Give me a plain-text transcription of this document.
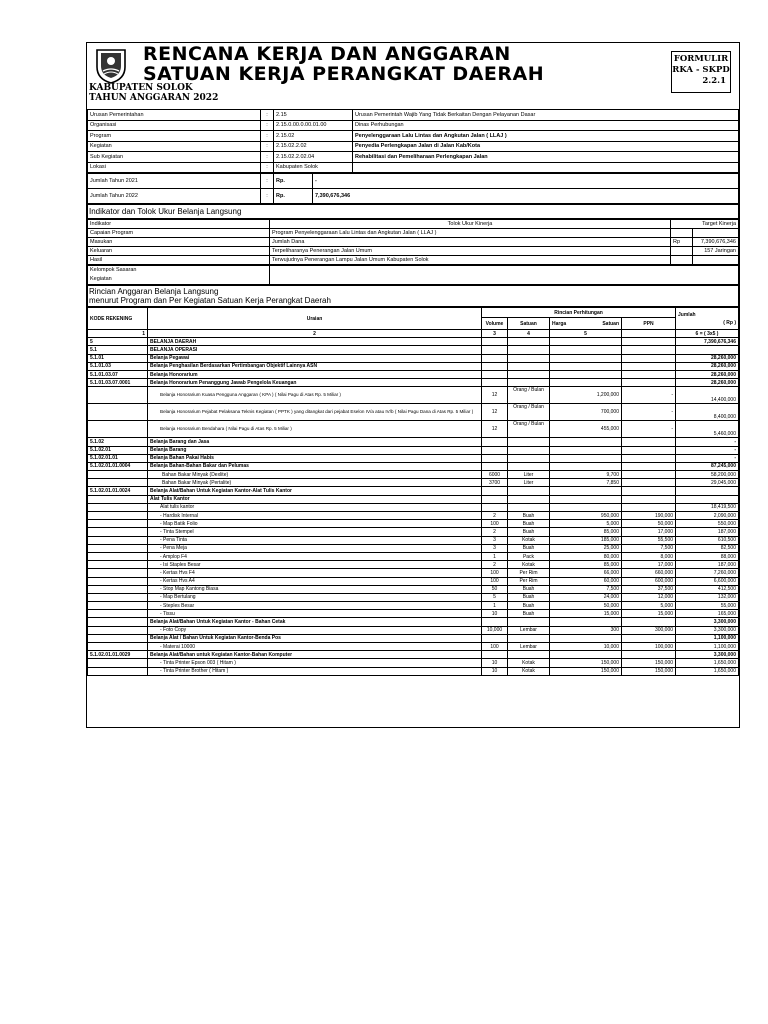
RENCANA KERJA DAN ANGGARAN
SATUAN KERJA PERANGKAT DAERAH
FORMULIR
RKA - SKPD
2.2.1
KABUPATEN SOLOK
TAHUN ANGGARAN 2022
Urusan Pemerintahan	:	2.15	Urusan Pemerintah Wajib Yang Tidak Berkaitan Dengan Pelayanan Dasar
Organisasi	:	2.15.0.00.0.00.01.00	Dinas Perhubungan
Program	:	2.15.02	Penyelenggaraan Lalu Lintas dan Angkutan Jalan ( LLAJ )
Kegiatan	:	2.15.02.2.02	Penyedia Perlengkapan Jalan di Jalan Kab/Kota
Sub Kegiatan	:	2.15.02.2.02.04	Rehabilitasi dan Pemeliharaan Perlengkapan Jalan
Lokasi	:	Kabupaten Solok	
Jumlah Tahun 2021	:	Rp.	-
Jumlah Tahun 2022	:	Rp.	7,390,676,346
Indikator dan Tolok Ukur Belanja Langsung
Indikator	Tolok Ukur Kinerja	Target Kinerja	
Capaian Program	Program Penyelenggaraan Lalu Lintas dan Angkutan Jalan ( LLAJ )		
Masukan	Jumlah Dana	Rp	7,390,676,346
Keluaran	Terpeliharanya Penerangan Jalan Umum		157 Jaringan
Hasil	Terwujudnya Penerangan Lampu Jalan Umum Kabupaten Solok		
Kelompok Sasaran
Kegiatan

Rincian Anggaran Belanja Langsung
menurut Program dan Per Kegiatan Satuan Kerja Perangkat Daerah
KODE REKENING	Uraian	Rincian Perhitungan				Jumlah
( Rp )

		Volume	Satuan	Harga Satuan	PPN	
1	2	3	4	5		6 = ( 3x5 )
5	BELANJA DAERAH					7,390,676,346
5.1	BELANJA OPERASI					
5.1.01	Belanja Pegawai					28,260,000
5.1.01.03	Belanja Penghasilan Berdasarkan Pertimbangan Objektif Lainnya ASN					28,260,000
5.1.01.03.07	Belanja Honorarium					28,260,000
5.1.01.03.07.0001	Belanja Honorarium Penanggung Jawab Pengelola Keuangan					28,260,000
	Belanja Honorarium Kuasa Pengguna Anggaran ( KPA ) ( Nilai Pagu di Atas Rp. 5 Miliar )	12	Orang / Bulan	1,200,000	-	14,400,000
	Belanja Honorarium Pejabat Pelaksana Teknis Kegiatan ( PPTK ) yang ditangkat dari pejabat Eselon IV/a atau IV/b ( Nilai Pagu Dana di Atas Rp. 5 Miliar )	12	Orang / Bulan	700,000	-	8,400,000
	Belanja Honorarium Bendahara ( Nilai Pagu di Atas Rp. 5 Miliar )	12	Orang / Bulan	455,000	-	5,460,000
5.1.02	Belanja Barang dan Jasa					-
5.1.02.01	Belanja Barang					-
5.1.02.01.01	Belanja Bahan Pakai Habis					-
5.1.02.01.01.0004	Belanja Bahan-Bahan Bakar dan Pelumas					87,245,000
	Bahan Bakar Minyak (Dexlite)	6000	Liter	9,700		58,200,000
	Bahan Bakar Minyak (Pertalite)	3700	Liter	7,850		29,045,000
5.1.02.01.01.0024	Belanja Alat/Bahan Untuk Kegiatan Kantor-Alat Tulis Kantor					
	Alat Tulis Kantor					
	Alat tulis kantor					18,419,500
	- Hardisk Internal	2	Buah	950,000	190,000	2,090,000
	- Map Batik Folio	100	Buah	5,000	50,000	550,000
	- Tinta Stempel	2	Buah	85,000	17,000	187,000
	- Pena Tinta	3	Kotak	185,000	55,500	610,500
	- Pena Meja	3	Buah	25,000	7,500	82,500
	- Amplop F4	1	Pack	80,000	8,000	88,000
	- Isi Staples Besar	2	Kotak	85,000	17,000	187,000
	- Kertas Hvs F4	100	Per Rim	66,000	660,000	7,260,000
	- Kertas Hvs A4	100	Per Rim	60,000	600,000	6,600,000
	- Stop Map Kantong Biasa	50	Buah	7,500	37,500	412,500
	- Map Bertulang	5	Buah	24,000	12,000	132,000
	- Steples Besar	1	Buah	50,000	5,000	55,000
	- Tissu	10	Buah	15,000	15,000	165,000
	Belanja Alat/Bahan Untuk Kegiatan Kantor - Bahan Cetak					3,300,000
	- Foto Copy	10,000	Lembar	300	300,000	3,300,000
	Belanja Alat / Bahan Untuk Kegiatan Kantor-Benda Pos					1,100,000
	- Materai 10000	100	Lembar	10,000	100,000	1,100,000
5.1.02.01.01.0029	Belanja Alat/Bahan untuk Kegiatan Kantor-Bahan Komputer					3,300,000
	- Tinta Printer Epson 003 ( Hitam )	10	Kotak	150,000	150,000	1,650,000
	- Tinta Printer Brother ( Hitam )	10	Kotak	150,000	150,000	1,650,000
